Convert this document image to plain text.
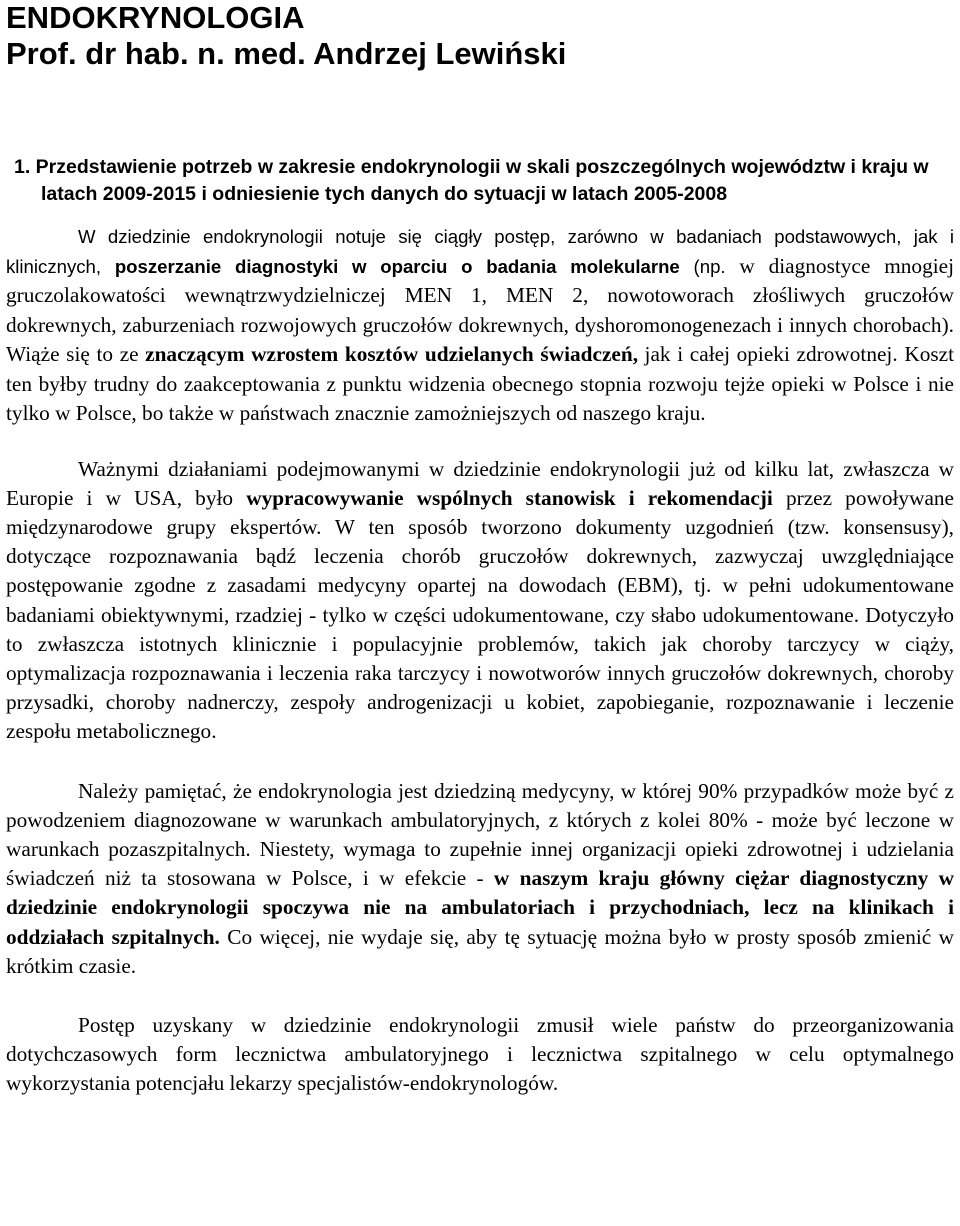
ENDOKRYNOLOGIA
Prof. dr hab. n. med. Andrzej Lewiński

1. Przedstawienie potrzeb w zakresie endokrynologii w skali poszczególnych województw i kraju w latach 2009-2015 i odniesienie tych danych do sytuacji w latach 2005-2008

W dziedzinie endokrynologii notuje się ciągły postęp, zarówno w badaniach podstawowych, jak i klinicznych, poszerzanie diagnostyki w oparciu o badania molekularne (np. w diagnostyce mnogiej gruczolakowatości wewnątrzwydzielniczej MEN 1, MEN 2, nowotoworach złośliwych gruczołów dokrewnych, zaburzeniach rozwojowych gruczołów dokrewnych, dyshoromonogenezach i innych chorobach). Wiąże się to ze znaczącym wzrostem kosztów udzielanych świadczeń, jak i całej opieki zdrowotnej. Koszt ten byłby trudny do zaakceptowania z punktu widzenia obecnego stopnia rozwoju tejże opieki w Polsce i nie tylko w Polsce, bo także w państwach znacznie zamożniejszych od naszego kraju.

Ważnymi działaniami podejmowanymi w dziedzinie endokrynologii już od kilku lat, zwłaszcza w Europie i w USA, było wypracowywanie wspólnych stanowisk i rekomendacji przez powoływane międzynarodowe grupy ekspertów. W ten sposób tworzono dokumenty uzgodnień (tzw. konsensusy), dotyczące rozpoznawania bądź leczenia chorób gruczołów dokrewnych, zazwyczaj uwzględniające postępowanie zgodne z zasadami medycyny opartej na dowodach (EBM), tj. w pełni udokumentowane badaniami obiektywnymi, rzadziej - tylko w części udokumentowane, czy słabo udokumentowane. Dotyczyło to zwłaszcza istotnych klinicznie i populacyjnie problemów, takich jak choroby tarczycy w ciąży, optymalizacja rozpoznawania i leczenia raka tarczycy i nowotworów innych gruczołów dokrewnych, choroby przysadki, choroby nadnerczy, zespoły androgenizacji u kobiet, zapobieganie, rozpoznawanie i leczenie zespołu metabolicznego.

Należy pamiętać, że endokrynologia jest dziedziną medycyny, w której 90% przypadków może być z powodzeniem diagnozowane w warunkach ambulatoryjnych, z których z kolei 80% - może być leczone w warunkach pozaszpitalnych. Niestety, wymaga to zupełnie innej organizacji opieki zdrowotnej i udzielania świadczeń niż ta stosowana w Polsce, i w efekcie - w naszym kraju główny ciężar diagnostyczny w dziedzinie endokrynologii spoczywa nie na ambulatoriach i przychodniach, lecz na klinikach i oddziałach szpitalnych. Co więcej, nie wydaje się, aby tę sytuację można było w prosty sposób zmienić w krótkim czasie.

Postęp uzyskany w dziedzinie endokrynologii zmusił wiele państw do przeorganizowania dotychczasowych form lecznictwa ambulatoryjnego i lecznictwa szpitalnego w celu optymalnego wykorzystania potencjału lekarzy specjalistów-endokrynologów.
